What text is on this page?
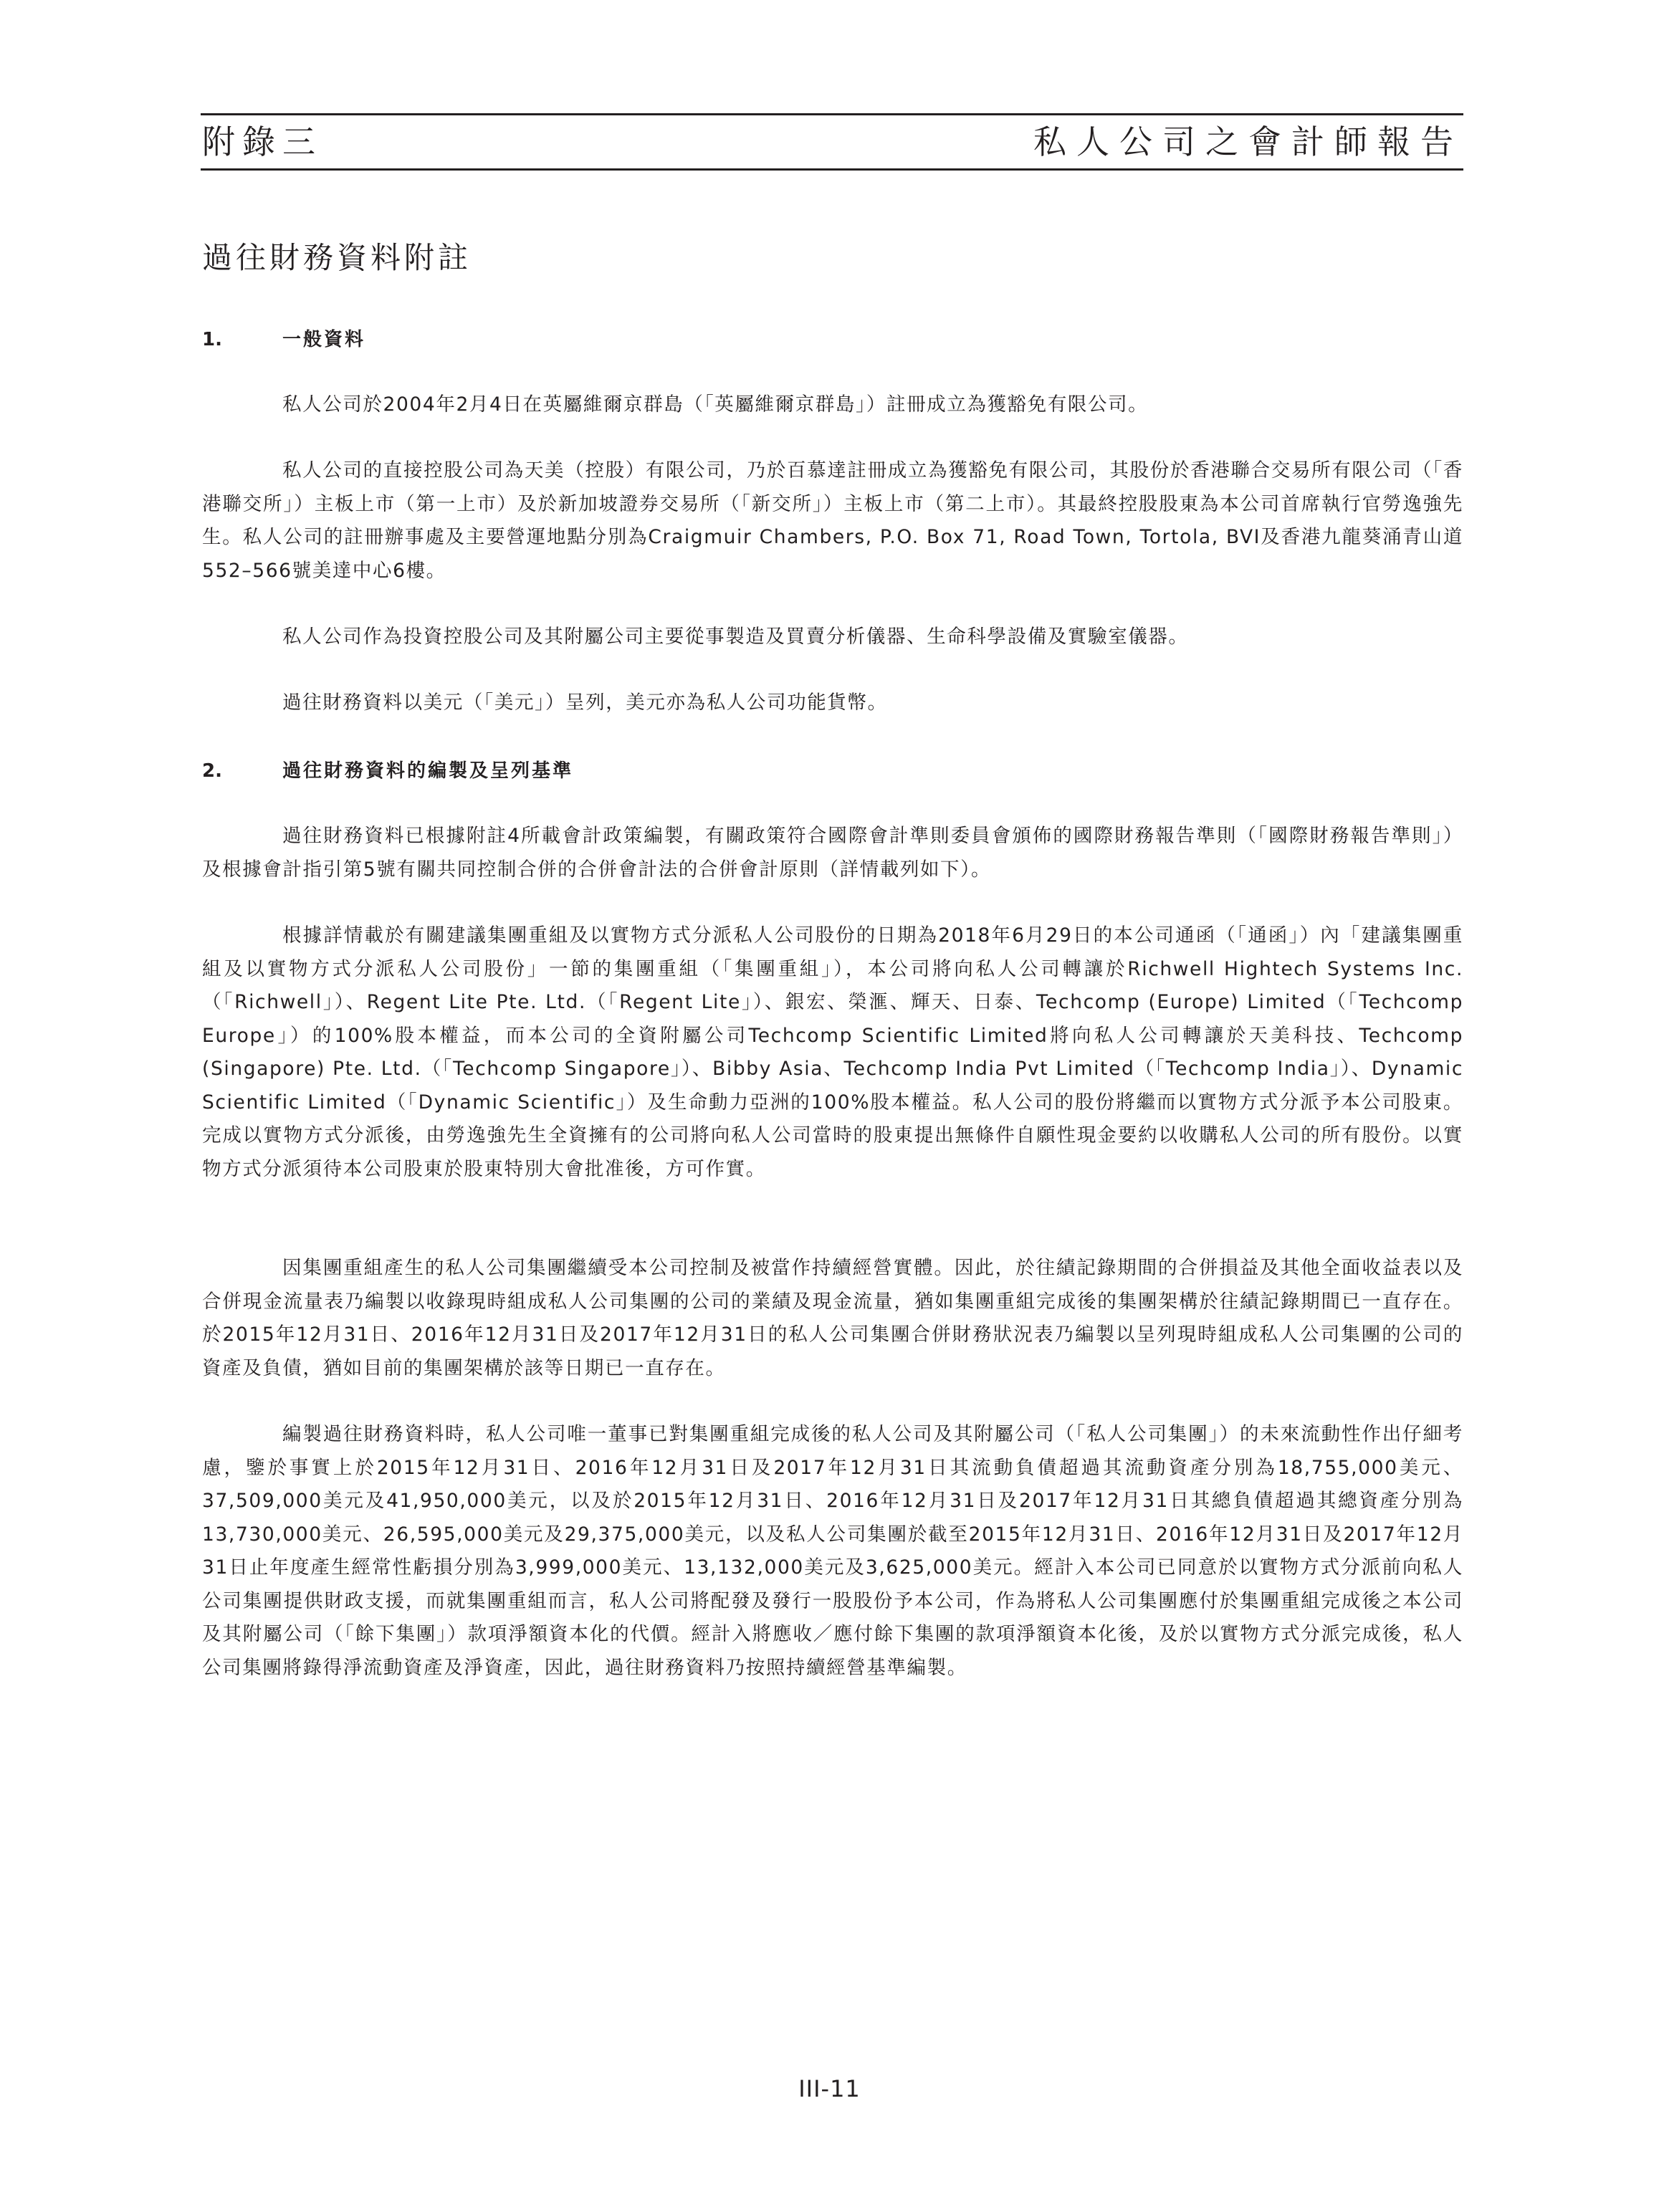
附錄三	私人公司之會計師報告
過往財務資料附註
1.	一般資料

私人公司於2004年2月4日在英屬維爾京群島（「英屬維爾京群島」）註冊成立為獲豁免有限公司。

私人公司的直接控股公司為天美（控股）有限公司，乃於百慕達註冊成立為獲豁免有限公司，其股份於香港聯合交易所有限公司（「香港聯交所」）主板上市（第一上市）及於新加坡證券交易所（「新交所」）主板上市（第二上市）。其最終控股股東為本公司首席執行官勞逸強先生。私人公司的註冊辦事處及主要營運地點分別為Craigmuir Chambers, P.O. Box 71, Road Town, Tortola, BVI及香港九龍葵涌青山道552–566號美達中心6樓。

私人公司作為投資控股公司及其附屬公司主要從事製造及買賣分析儀器、生命科學設備及實驗室儀器。

過往財務資料以美元（「美元」）呈列，美元亦為私人公司功能貨幣。

2.	過往財務資料的編製及呈列基準

過往財務資料已根據附註4所載會計政策編製，有關政策符合國際會計準則委員會頒佈的國際財務報告準則（「國際財務報告準則」）及根據會計指引第5號有關共同控制合併的合併會計法的合併會計原則（詳情載列如下）。

根據詳情載於有關建議集團重組及以實物方式分派私人公司股份的日期為2018年6月29日的本公司通函（「通函」）內「建議集團重組及以實物方式分派私人公司股份」一節的集團重組（「集團重組」），本公司將向私人公司轉讓於Richwell Hightech Systems Inc.（「Richwell」）、Regent Lite Pte. Ltd.（「Regent Lite」）、銀宏、榮滙、輝天、日泰、Techcomp (Europe) Limited（「Techcomp Europe」）的100%股本權益，而本公司的全資附屬公司Techcomp Scientific Limited將向私人公司轉讓於天美科技、Techcomp (Singapore) Pte. Ltd.（「Techcomp Singapore」）、Bibby Asia、Techcomp India Pvt Limited（「Techcomp India」）、Dynamic Scientific Limited（「Dynamic Scientific」）及生命動力亞洲的100%股本權益。私人公司的股份將繼而以實物方式分派予本公司股東。完成以實物方式分派後，由勞逸強先生全資擁有的公司將向私人公司當時的股東提出無條件自願性現金要約以收購私人公司的所有股份。以實物方式分派須待本公司股東於股東特別大會批准後，方可作實。

因集團重組產生的私人公司集團繼續受本公司控制及被當作持續經營實體。因此，於往績記錄期間的合併損益及其他全面收益表以及合併現金流量表乃編製以收錄現時組成私人公司集團的公司的業績及現金流量，猶如集團重組完成後的集團架構於往績記錄期間已一直存在。於2015年12月31日、2016年12月31日及2017年12月31日的私人公司集團合併財務狀況表乃編製以呈列現時組成私人公司集團的公司的資產及負債，猶如目前的集團架構於該等日期已一直存在。

編製過往財務資料時，私人公司唯一董事已對集團重組完成後的私人公司及其附屬公司（「私人公司集團」）的未來流動性作出仔細考慮，鑒於事實上於2015年12月31日、2016年12月31日及2017年12月31日其流動負債超過其流動資產分別為18,755,000美元、37,509,000美元及41,950,000美元，以及於2015年12月31日、2016年12月31日及2017年12月31日其總負債超過其總資產分別為13,730,000美元、26,595,000美元及29,375,000美元，以及私人公司集團於截至2015年12月31日、2016年12月31日及2017年12月31日止年度產生經常性虧損分別為3,999,000美元、13,132,000美元及3,625,000美元。經計入本公司已同意於以實物方式分派前向私人公司集團提供財政支援，而就集團重組而言，私人公司將配發及發行一股股份予本公司，作為將私人公司集團應付於集團重組完成後之本公司及其附屬公司（「餘下集團」）款項淨額資本化的代價。經計入將應收／應付餘下集團的款項淨額資本化後，及於以實物方式分派完成後，私人公司集團將錄得淨流動資產及淨資產，因此，過往財務資料乃按照持續經營基準編製。

III-11
